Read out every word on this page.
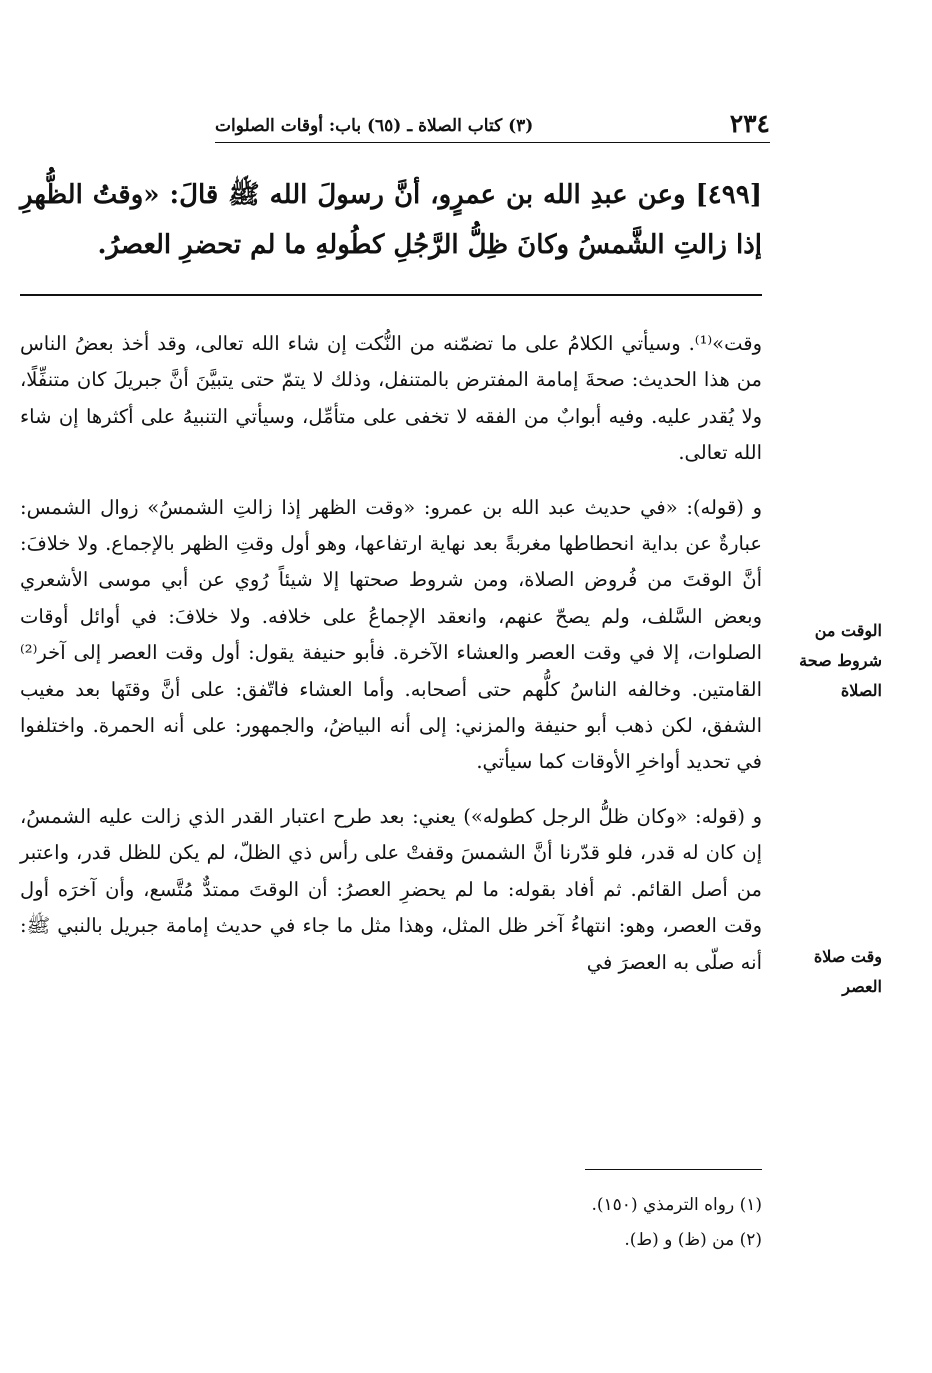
٢٣٤
(٣) كتاب الصلاة ـ (٦٥) باب: أوقات الصلوات
[٤٩٩] وعن عبدِ الله بن عمرٍو، أنَّ رسولَ الله ﷺ قالَ: «وقتُ الظُّهرِ إذا زالتِ الشَّمسُ وكانَ ظِلُّ الرَّجُلِ كطُولهِ ما لم تحضرِ العصرُ.

وقت»⁽¹⁾. وسيأتي الكلامُ على ما تضمّنه من النُّكت إن شاء الله تعالى، وقد أخذ بعضُ الناس من هذا الحديث: صحةَ إمامة المفترض بالمتنفل، وذلك لا يتمّ حتى يتبيَّنَ أنَّ جبريلَ كان متنفِّلًا، ولا يُقدر عليه. وفيه أبوابٌ من الفقه لا تخفى على متأمِّل، وسيأتي التنبيهُ على أكثرها إن شاء الله تعالى.

و (قوله): «في حديث عبد الله بن عمرو: «وقت الظهر إذا زالتِ الشمسُ» زوال الشمس: عبارةٌ عن بداية انحطاطها مغربةً بعد نهاية ارتفاعها، وهو أول وقتِ الظهر بالإجماع. ولا خلافَ: أنَّ الوقتَ من فُروض الصلاة، ومن شروط صحتها إلا شيئاً رُوي عن أبي موسى الأشعري وبعض السَّلف، ولم يصحّ عنهم، وانعقد الإجماعُ على خلافه. ولا خلافَ: في أوائل أوقات الصلوات، إلا في وقت العصر والعشاء الآخرة. فأبو حنيفة يقول: أول وقت العصر إلى آخر⁽²⁾ القامتين. وخالفه الناسُ كلُّهم حتى أصحابه. وأما العشاء فاتّفق: على أنَّ وقتَها بعد مغيب الشفق، لكن ذهب أبو حنيفة والمزني: إلى أنه البياضُ، والجمهور: على أنه الحمرة. واختلفوا في تحديد أواخرِ الأوقات كما سيأتي.

و (قوله: «وكان ظلُّ الرجل كطوله») يعني: بعد طرح اعتبار القدر الذي زالت عليه الشمسُ، إن كان له قدر، فلو قدّرنا أنَّ الشمسَ وقفتْ على رأس ذي الظلّ، لم يكن للظل قدر، واعتبر من أصل القائم. ثم أفاد بقوله: ما لم يحضرِ العصرُ: أن الوقتَ ممتدٌّ مُتَّسع، وأن آخرَه أول وقت العصر، وهو: انتهاءُ آخر ظل المثل، وهذا مثل ما جاء في حديث إمامة جبريل بالنبي ﷺ: أنه صلّى به العصرَ في

الوقت من شروط صحة الصلاة
وقت صلاة العصر

(١) رواه الترمذي (١٥٠).

(٢) من (ظ) و (ط).
